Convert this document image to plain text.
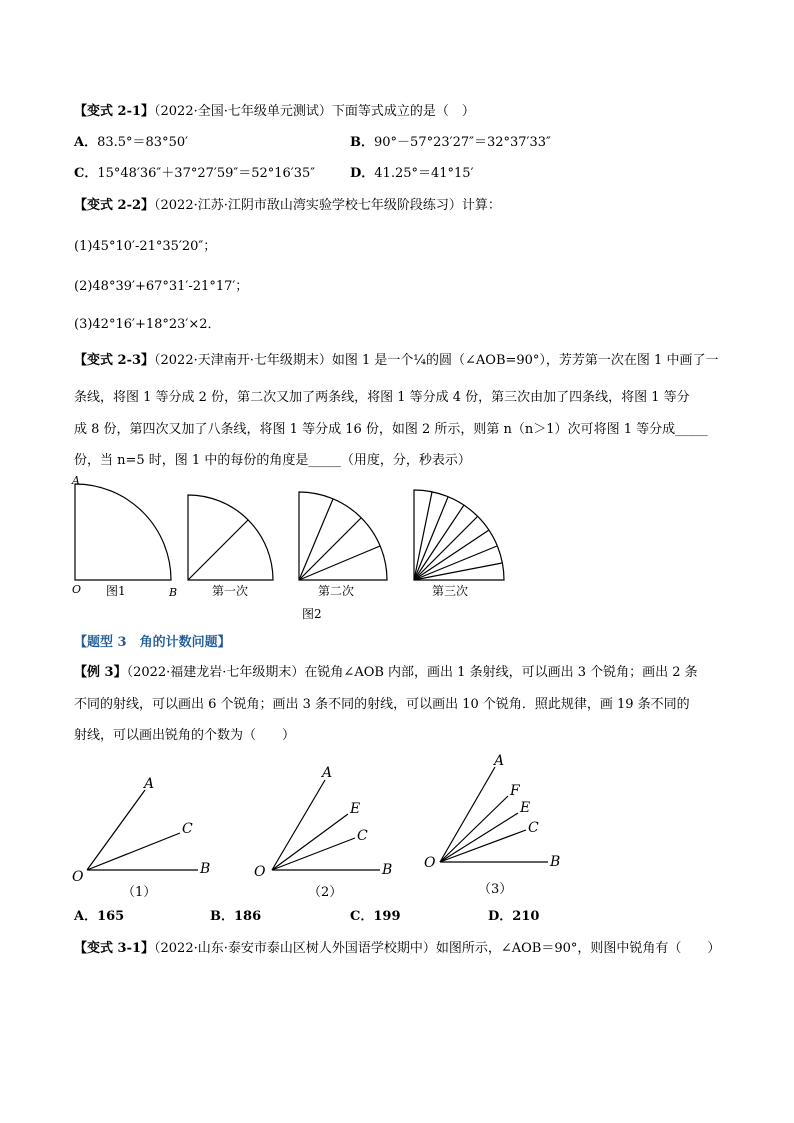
【变式 2-1】（2022·全国·七年级单元测试）下面等式成立的是（　）
A．83.5°＝83°50′	B．90°－57°23′27″＝32°37′33″
C．15°48′36″＋37°27′59″＝52°16′35″	D．41.25°＝41°15′
【变式 2-2】（2022·江苏·江阴市敔山湾实验学校七年级阶段练习）计算：
(1)45°10′-21°35′20″；
(2)48°39′+67°31′-21°17′；
(3)42°16′+18°23′×2．
【变式 2-3】（2022·天津南开·七年级期末）如图 1 是一个¼的圆（∠AOB=90°），芳芳第一次在图 1 中画了一
条线，将图 1 等分成 2 份，第二次又加了两条线，将图 1 等分成 4 份，第三次由加了四条线，将图 1 等分
成 8 份，第四次又加了八条线，将图 1 等分成 16 份，如图 2 所示，则第 n（n＞1）次可将图 1 等分成_____
份，当 n=5 时，图 1 中的每份的角度是_____（用度，分，秒表示）
A
O	B
图1	第一次	第二次	第三次
图2
【题型 3　角的计数问题】
【例 3】（2022·福建龙岩·七年级期末）在锐角∠AOB 内部，画出 1 条射线，可以画出 3 个锐角；画出 2 条
不同的射线，可以画出 6 个锐角；画出 3 条不同的射线，可以画出 10 个锐角．照此规律，画 19 条不同的
射线，可以画出锐角的个数为（　　）
A
C
O	B
A
E
C
O	B
A
F
E
C
O	B
（1）	（2）	（3）
A．165	B．186	C．199	D．210
【变式 3-1】（2022·山东·泰安市泰山区树人外国语学校期中）如图所示，∠AOB＝90°，则图中锐角有（　　）
